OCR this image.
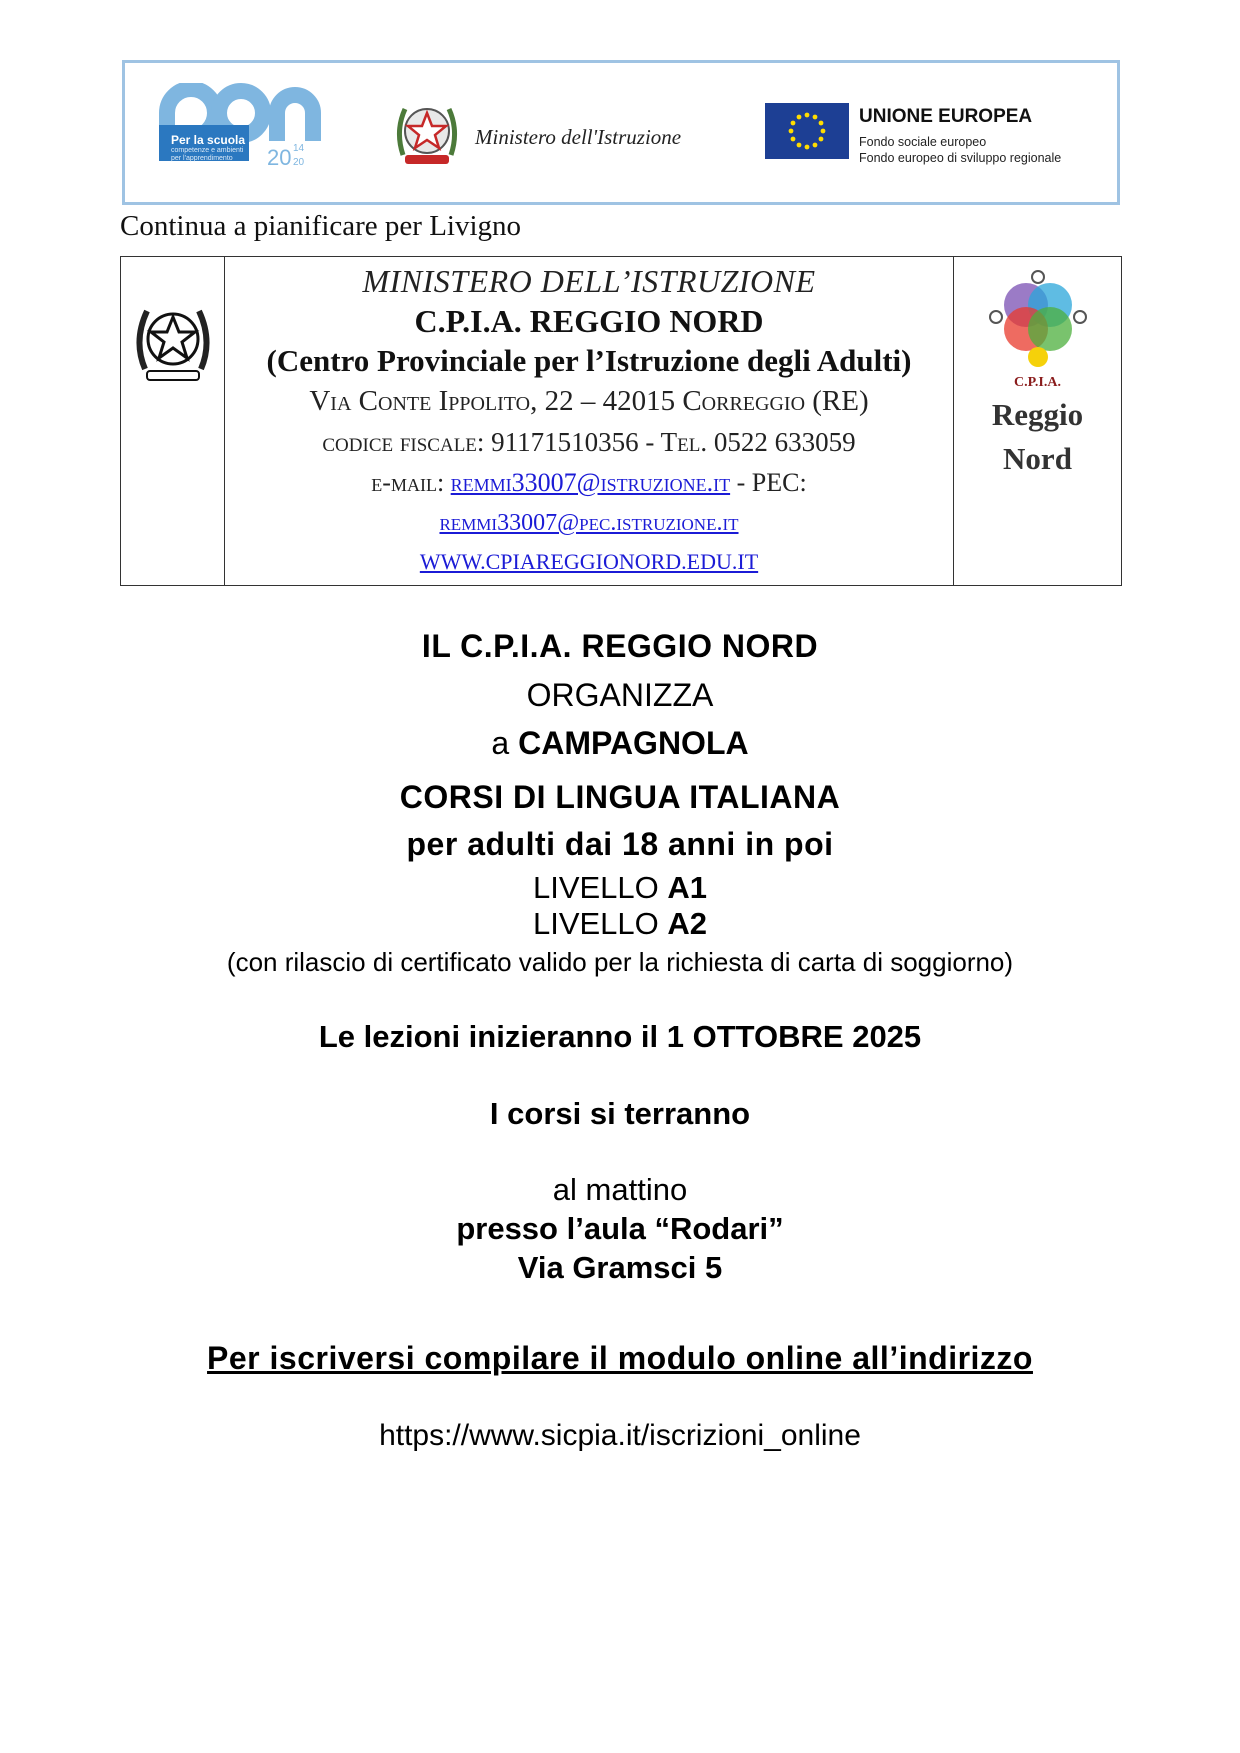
Per la scuola
competenze e ambienti per l'apprendimento	20 14
20
Ministero dell'Istruzione
UNIONE EUROPEA
Fondo sociale europeo
Fondo europeo di sviluppo regionale
Continua a pianificare per Livigno
MINISTERO DELL’ISTRUZIONE
C.P.I.A. REGGIO NORD
(Centro Provinciale per l’Istruzione degli Adulti)
Via Conte Ippolito, 22 – 42015 Correggio (RE)
codice fiscale: 91171510356 - Tel. 0522 633059
e-mail: remmi33007@istruzione.it - PEC:
remmi33007@pec.istruzione.it
WWW.CPIAREGGIONORD.EDU.IT
C.P.I.A.
Reggio
Nord
IL C.P.I.A. REGGIO NORD
ORGANIZZA
a CAMPAGNOLA
CORSI DI LINGUA ITALIANA
per adulti dai 18 anni in poi
LIVELLO A1
LIVELLO A2
(con rilascio di certificato valido per la richiesta di carta di soggiorno)
Le lezioni inizieranno il 1 OTTOBRE 2025
I corsi si terranno
al mattino
presso l’aula “Rodari”
Via Gramsci 5
Per iscriversi compilare il modulo online all’indirizzo
https://www.sicpia.it/iscrizioni_online
